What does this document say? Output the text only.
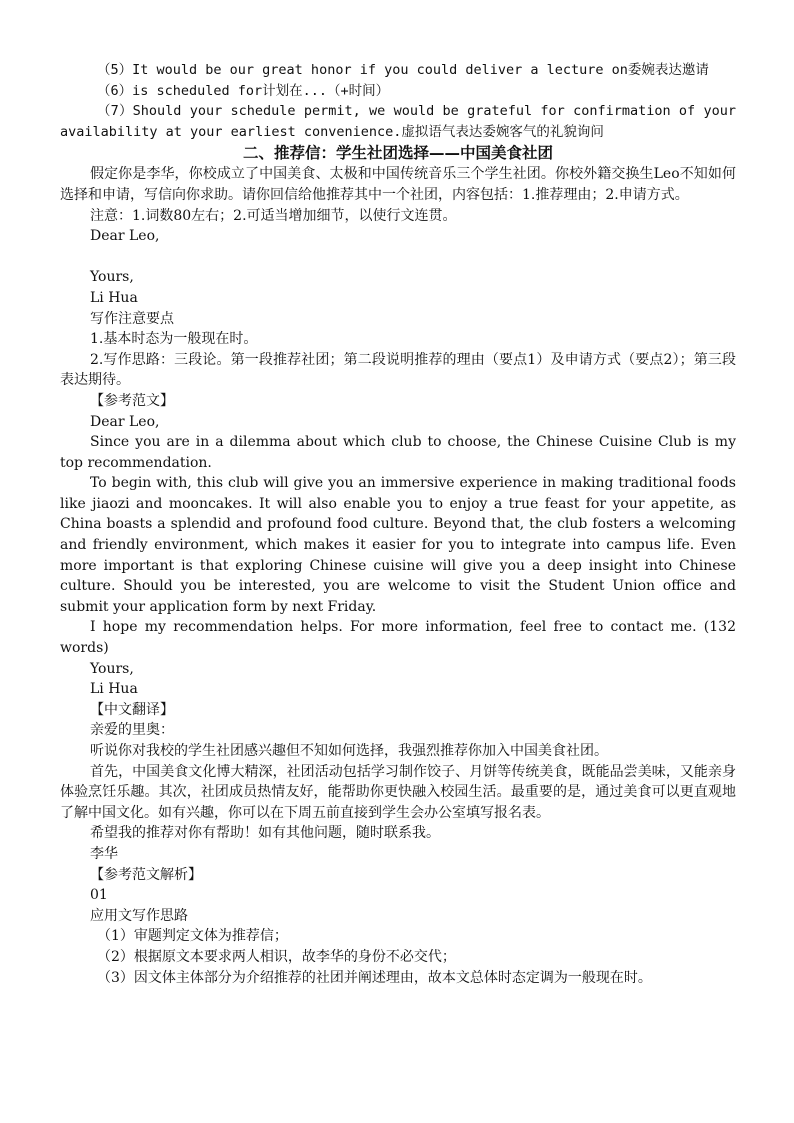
（5）It would be our great honor if you could deliver a lecture on委婉表达邀请

（6）is scheduled for计划在...（+时间）

（7）Should your schedule permit, we would be grateful for confirmation of your availability at your earliest convenience.虚拟语气表达委婉客气的礼貌询问

二、推荐信：学生社团选择——中国美食社团

假定你是李华，你校成立了中国美食、太极和中国传统音乐三个学生社团。你校外籍交换生Leo不知如何选择和申请，写信向你求助。请你回信给他推荐其中一个社团，内容包括：1.推荐理由；2.申请方式。

注意：1.词数80左右；2.可适当增加细节，以使行文连贯。

Dear Leo,

Yours,

Li Hua

写作注意要点

1.基本时态为一般现在时。

2.写作思路：三段论。第一段推荐社团；第二段说明推荐的理由（要点1）及申请方式（要点2）；第三段表达期待。

【参考范文】

Dear Leo,

Since you are in a dilemma about which club to choose, the Chinese Cuisine Club is my top recommendation.

To begin with, this club will give you an immersive experience in making traditional foods like jiaozi and mooncakes. It will also enable you to enjoy a true feast for your appetite, as China boasts a splendid and profound food culture. Beyond that, the club fosters a welcoming and friendly environment, which makes it easier for you to integrate into campus life. Even more important is that exploring Chinese cuisine will give you a deep insight into Chinese culture. Should you be interested, you are welcome to visit the Student Union office and submit your application form by next Friday.

I hope my recommendation helps. For more information, feel free to contact me. (132 words)

Yours,

Li Hua

【中文翻译】

亲爱的里奥：

听说你对我校的学生社团感兴趣但不知如何选择，我强烈推荐你加入中国美食社团。

首先，中国美食文化博大精深，社团活动包括学习制作饺子、月饼等传统美食，既能品尝美味，又能亲身体验烹饪乐趣。其次，社团成员热情友好，能帮助你更快融入校园生活。最重要的是，通过美食可以更直观地了解中国文化。如有兴趣，你可以在下周五前直接到学生会办公室填写报名表。

希望我的推荐对你有帮助！如有其他问题，随时联系我。

李华

【参考范文解析】

01

应用文写作思路

（1）审题判定文体为推荐信；

（2）根据原文本要求两人相识，故李华的身份不必交代；

（3）因文体主体部分为介绍推荐的社团并阐述理由，故本文总体时态定调为一般现在时。
